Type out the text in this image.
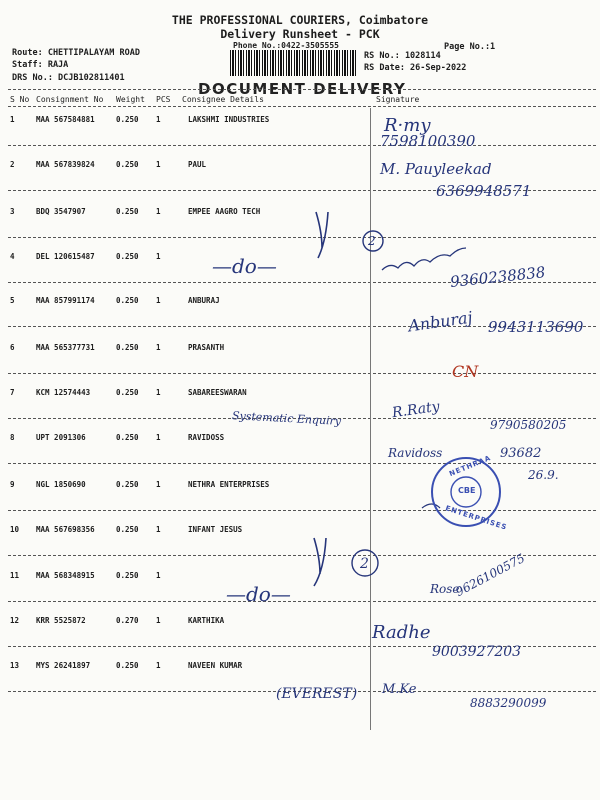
THE PROFESSIONAL COURIERS, Coimbatore
Delivery Runsheet - PCK
Phone No.:0422-3505555	Page No.:1
Route: CHETTIPALAYAM ROAD
Staff: RAJA
DRS No.: DCJB102811401
RS No.: 1028114
RS Date: 26-Sep-2022
DOCUMENT DELIVERY
S No Consignment No Weight PCS Consignee Details	Signature
1	MAA 567584881	0.250 1	LAKSHMI INDUSTRIES
2	MAA 567839824	0.250 1	PAUL
3	BDQ 3547907	0.250 1	EMPEE AAGRO TECH
4	DEL 120615487	0.250 1
5	MAA 857991174	0.250 1	ANBURAJ
6	MAA 565377731	0.250 1	PRASANTH
7	KCM 12574443	0.250 1	SABAREESWARAN
8	UPT 2091306	0.250 1	RAVIDOSS
9	NGL 1850690	0.250 1	NETHRA ENTERPRISES
10 MAA 567698356	0.250 1	INFANT JESUS
11 MAA 568348915	0.250 1
12 KRR 5525872	0.270 1	KARTHIKA
13 MYS 26241897	0.250 1	NAVEEN KUMAR
R·my
7598100390
M. Pauyleekad
6369948571
9360238838
Anburaj 9943113690
CN
Systematic Enquiry	R.Raty
9790580205
Ravidoss	93682
26.9.
—do—
—do—
2
2
Rose
9626100575
Radhe
9003927203
(EVEREST) M.Ke
8883290099
NETHRAA
ENTERPRISES
CBE
